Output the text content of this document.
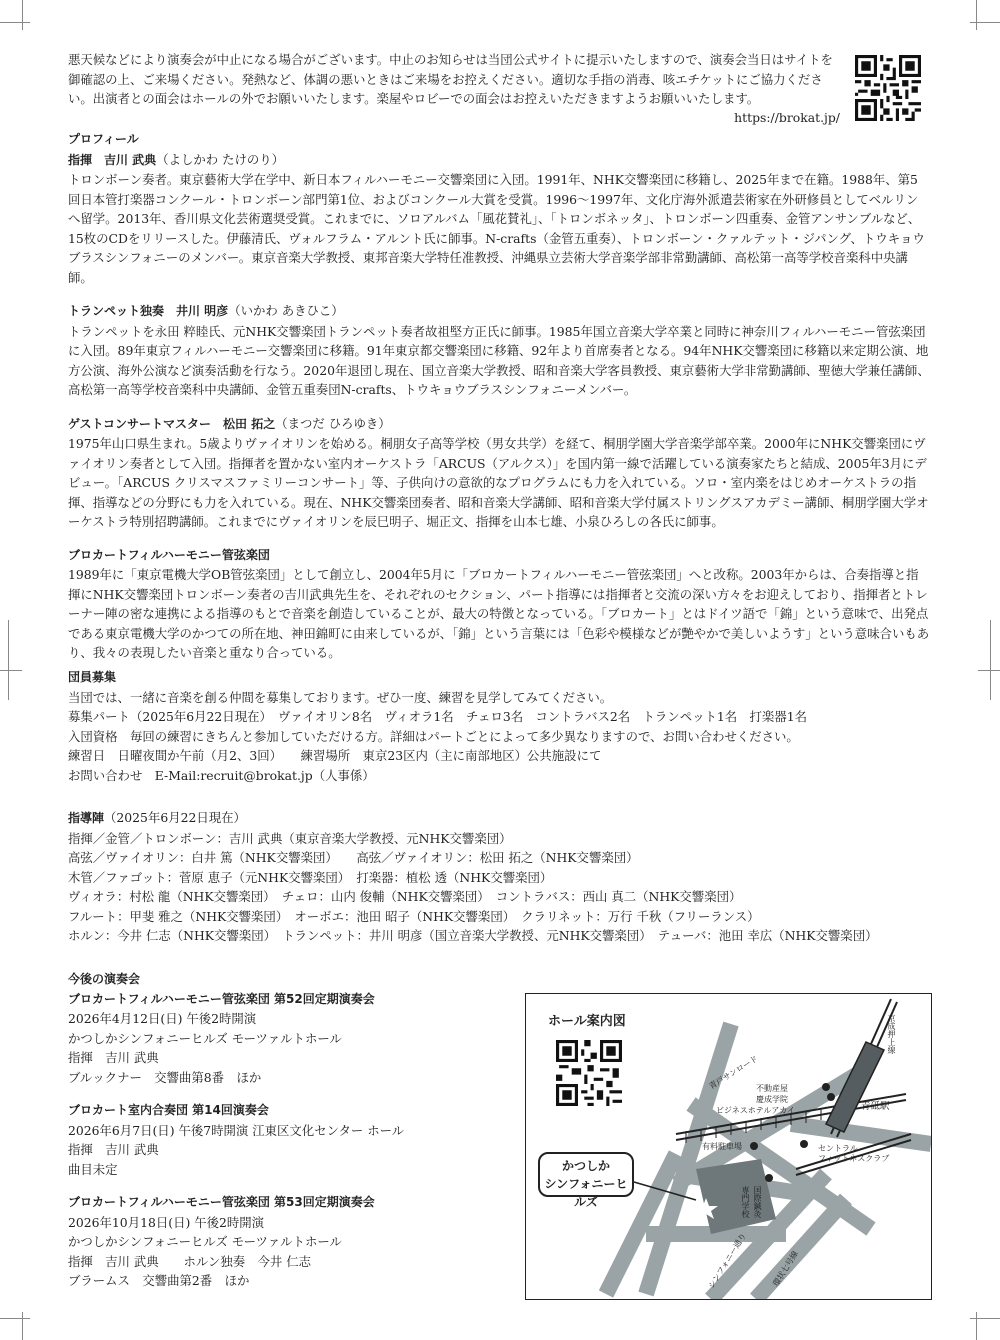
悪天候などにより演奏会が中止になる場合がございます。中止のお知らせは当団公式サイトに提示いたしますので、演奏会当日はサイトを御確認の上、ご来場ください。発熱など、体調の悪いときはご来場をお控えください。適切な手指の消毒、咳エチケットにご協力ください。出演者との面会はホールの外でお願いいたします。楽屋やロビーでの面会はお控えいただきますようお願いいたします。

https://brokat.jp/
プロフィール
指揮　吉川 武典（よしかわ たけのり）
トロンボーン奏者。東京藝術大学在学中、新日本フィルハーモニー交響楽団に入団。1991年、NHK交響楽団に移籍し、2025年まで在籍。1988年、第5回日本管打楽器コンクール・トロンボーン部門第1位、およびコンクール大賞を受賞。1996〜1997年、文化庁海外派遣芸術家在外研修員としてベルリンへ留学。2013年、香川県文化芸術選奨受賞。これまでに、ソロアルバム「風花賛礼」、「トロンボネッタ」、トロンボーン四重奏、金管アンサンブルなど、15枚のCDをリリースした。伊藤清氏、ヴォルフラム・アルント氏に師事。N-crafts（金管五重奏）、トロンボーン・クァルテット・ジパング、トウキョウブラスシンフォニーのメンバー。東京音楽大学教授、東邦音楽大学特任准教授、沖縄県立芸術大学音楽学部非常勤講師、高松第一高等学校音楽科中央講師。
トランペット独奏　井川 明彦（いかわ あきひこ）
トランペットを永田 粹睦氏、元NHK交響楽団トランペット奏者故祖堅方正氏に師事。1985年国立音楽大学卒業と同時に神奈川フィルハーモニー管弦楽団に入団。89年東京フィルハーモニー交響楽団に移籍。91年東京都交響楽団に移籍、92年より首席奏者となる。94年NHK交響楽団に移籍以来定期公演、地方公演、海外公演など演奏活動を行なう。2020年退団し現在、国立音楽大学教授、昭和音楽大学客員教授、東京藝術大学非常勤講師、聖徳大学兼任講師、高松第一高等学校音楽科中央講師、金管五重奏団N-crafts、トウキョウブラスシンフォニーメンバー。
ゲストコンサートマスター　松田 拓之（まつだ ひろゆき）
1975年山口県生まれ。5歳よりヴァイオリンを始める。桐朋女子高等学校（男女共学）を経て、桐朋学園大学音楽学部卒業。2000年にNHK交響楽団にヴァイオリン奏者として入団。指揮者を置かない室内オーケストラ「ARCUS（アルクス）」を国内第一線で活躍している演奏家たちと結成、2005年3月にデビュー。「ARCUS クリスマスファミリーコンサート」等、子供向けの意欲的なプログラムにも力を入れている。ソロ・室内楽をはじめオーケストラの指揮、指導などの分野にも力を入れている。現在、NHK交響楽団奏者、昭和音楽大学講師、昭和音楽大学付属ストリングスアカデミー講師、桐朋学園大学オーケストラ特別招聘講師。これまでにヴァイオリンを辰巳明子、堀正文、指揮を山本七雄、小泉ひろしの各氏に師事。
ブロカートフィルハーモニー管弦楽団
1989年に「東京電機大学OB管弦楽団」として創立し、2004年5月に「ブロカートフィルハーモニー管弦楽団」へと改称。2003年からは、合奏指導と指揮にNHK交響楽団トロンボーン奏者の吉川武典先生を、それぞれのセクション、パート指導には指揮者と交流の深い方々をお迎えしており、指揮者とトレーナー陣の密な連携による指導のもとで音楽を創造していることが、最大の特徴となっている。「ブロカート」とはドイツ語で「錦」という意味で、出発点である東京電機大学のかつての所在地、神田錦町に由来しているが、「錦」という言葉には「色彩や模様などが艶やかで美しいようす」という意味合いもあり、我々の表現したい音楽と重なり合っている。
団員募集
当団では、一緒に音楽を創る仲間を募集しております。ぜひ一度、練習を見学してみてください。
募集パート（2025年6月22日現在）　ヴァイオリン8名　ヴィオラ1名　チェロ3名　コントラバス2名　トランペット1名　打楽器1名
入団資格　毎回の練習にきちんと参加していただける方。詳細はパートごとによって多少異なりますので、お問い合わせください。
練習日　日曜夜間か午前（月2、3回）　　練習場所　東京23区内（主に南部地区）公共施設にて
お問い合わせ　E-Mail:recruit@brokat.jp（人事係）
指導陣（2025年6月22日現在）
指揮／金管／トロンボーン：吉川 武典（東京音楽大学教授、元NHK交響楽団）
高弦／ヴァイオリン：白井 篤（NHK交響楽団）　　高弦／ヴァイオリン：松田 拓之（NHK交響楽団）
木管／ファゴット：菅原 恵子（元NHK交響楽団）　打楽器：植松 透（NHK交響楽団）
ヴィオラ：村松 龍（NHK交響楽団）　チェロ：山内 俊輔（NHK交響楽団）　コントラバス：西山 真二（NHK交響楽団）
フルート：甲斐 雅之（NHK交響楽団）　オーボエ：池田 昭子（NHK交響楽団）　クラリネット：万行 千秋（フリーランス）
ホルン：今井 仁志（NHK交響楽団）　トランペット：井川 明彦（国立音楽大学教授、元NHK交響楽団）　テューバ：池田 幸広（NHK交響楽団）
今後の演奏会
ブロカートフィルハーモニー管弦楽団 第52回定期演奏会
2026年4月12日(日) 午後2時開演
かつしかシンフォニーヒルズ モーツァルトホール
指揮　吉川 武典
ブルックナー　交響曲第8番　ほか
ブロカート室内合奏団 第14回演奏会
2026年6月7日(日) 午後7時開演 江東区文化センター ホール
指揮　吉川 武典
曲目未定
ブロカートフィルハーモニー管弦楽団 第53回定期演奏会
2026年10月18日(日) 午後2時開演
かつしかシンフォニーヒルズ モーツァルトホール
指揮　吉川 武典　　ホルン独奏　今井 仁志
ブラームス　交響曲第2番　ほか
ホール案内図
青戸サンロード
京成押上線
青砥駅
不動産屋
慶成学院
ビジネスホテルアカイ
有料駐車場	セントラル
フィットネスクラブ
国際鍼灸
専門学校
シンフォニー通り	環状七号線
かつしか
シンフォニーヒルズ
